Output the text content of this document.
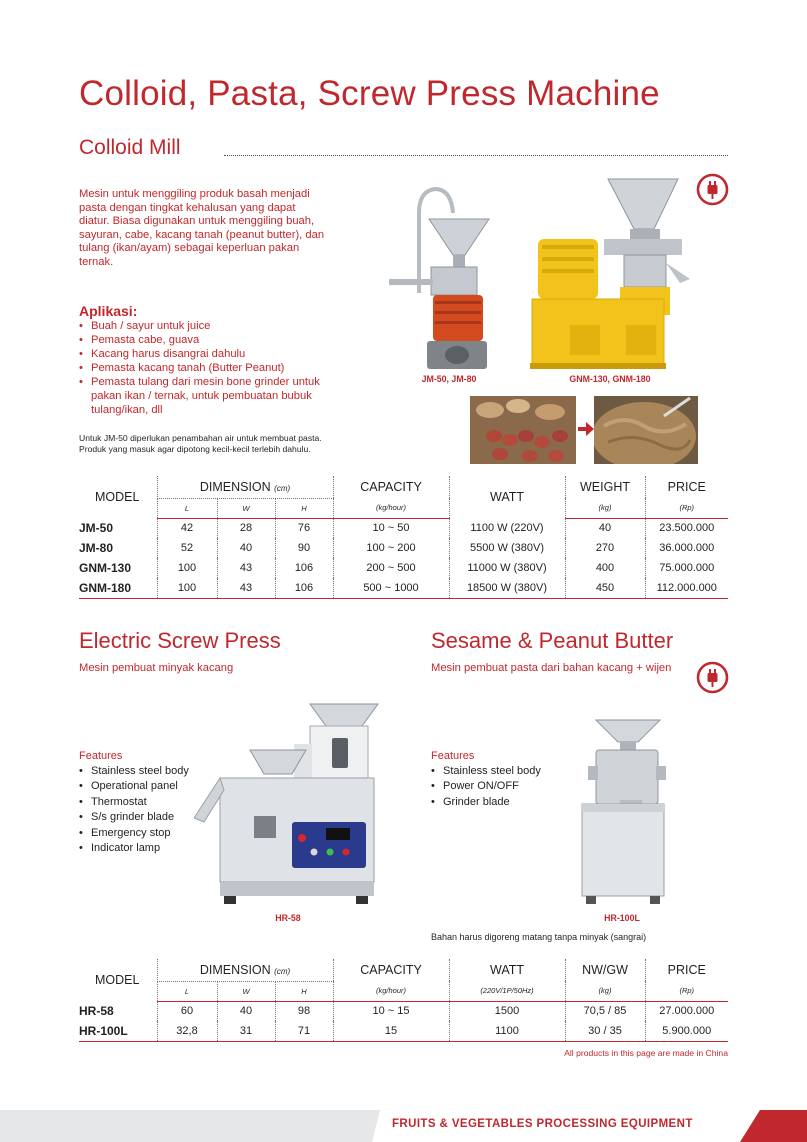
Colloid, Pasta, Screw Press Machine
Colloid Mill
Mesin untuk menggiling produk basah menjadi pasta dengan tingkat kehalusan yang dapat diatur. Biasa digunakan untuk menggiling buah, sayuran, cabe, kacang tanah (peanut butter), dan tulang (ikan/ayam) sebagai keperluan pakan ternak.
Aplikasi:
• Buah / sayur untuk juice
• Pemasta cabe, guava
• Kacang harus disangrai dahulu
• Pemasta kacang tanah (Butter Peanut)
• Pemasta tulang dari mesin bone grinder untuk pakan ikan / ternak, untuk pembuatan bubuk tulang/ikan, dll
Untuk JM-50 diperlukan penambahan air untuk membuat pasta.
Produk yang masuk agar dipotong kecil-kecil terlebih dahulu.
JM-50, JM-80	GNM-130, GNM-180
MODEL	DIMENSION (cm)			CAPACITY	WATT	WEIGHT	PRICE
	L	W	H	(kg/hour)		(kg)	(Rp)
JM-50	42	28	76	10 ~ 50	1100 W (220V)	40	23.500.000
JM-80	52	40	90	100 ~ 200	5500 W (380V)	270	36.000.000
GNM-130	100	43	106	200 ~ 500	11000 W (380V)	400	75.000.000
GNM-180	100	43	106	500 ~ 1000	18500 W (380V)	450	112.000.000
Electric Screw Press
Mesin pembuat minyak kacang
Features
• Stainless steel body
• Operational panel
• Thermostat
• S/s grinder blade
• Emergency stop
• Indicator lamp
HR-58
Sesame & Peanut Butter
Mesin pembuat pasta dari bahan kacang + wijen
Features
• Stainless steel body
• Power ON/OFF
• Grinder blade
HR-100L
Bahan harus digoreng matang tanpa minyak (sangrai)
MODEL	DIMENSION (cm)			CAPACITY	WATT	NW/GW	PRICE
	L	W	H	(kg/hour)	(220V/1P/50Hz)	(kg)	(Rp)
HR-58	60	40	98	10 ~ 15	1500	70,5 / 85	27.000.000
HR-100L	32,8	31	71	15	1100	30 / 35	5.900.000
All products in this page are made in China
FRUITS & VEGETABLES PROCESSING EQUIPMENT
